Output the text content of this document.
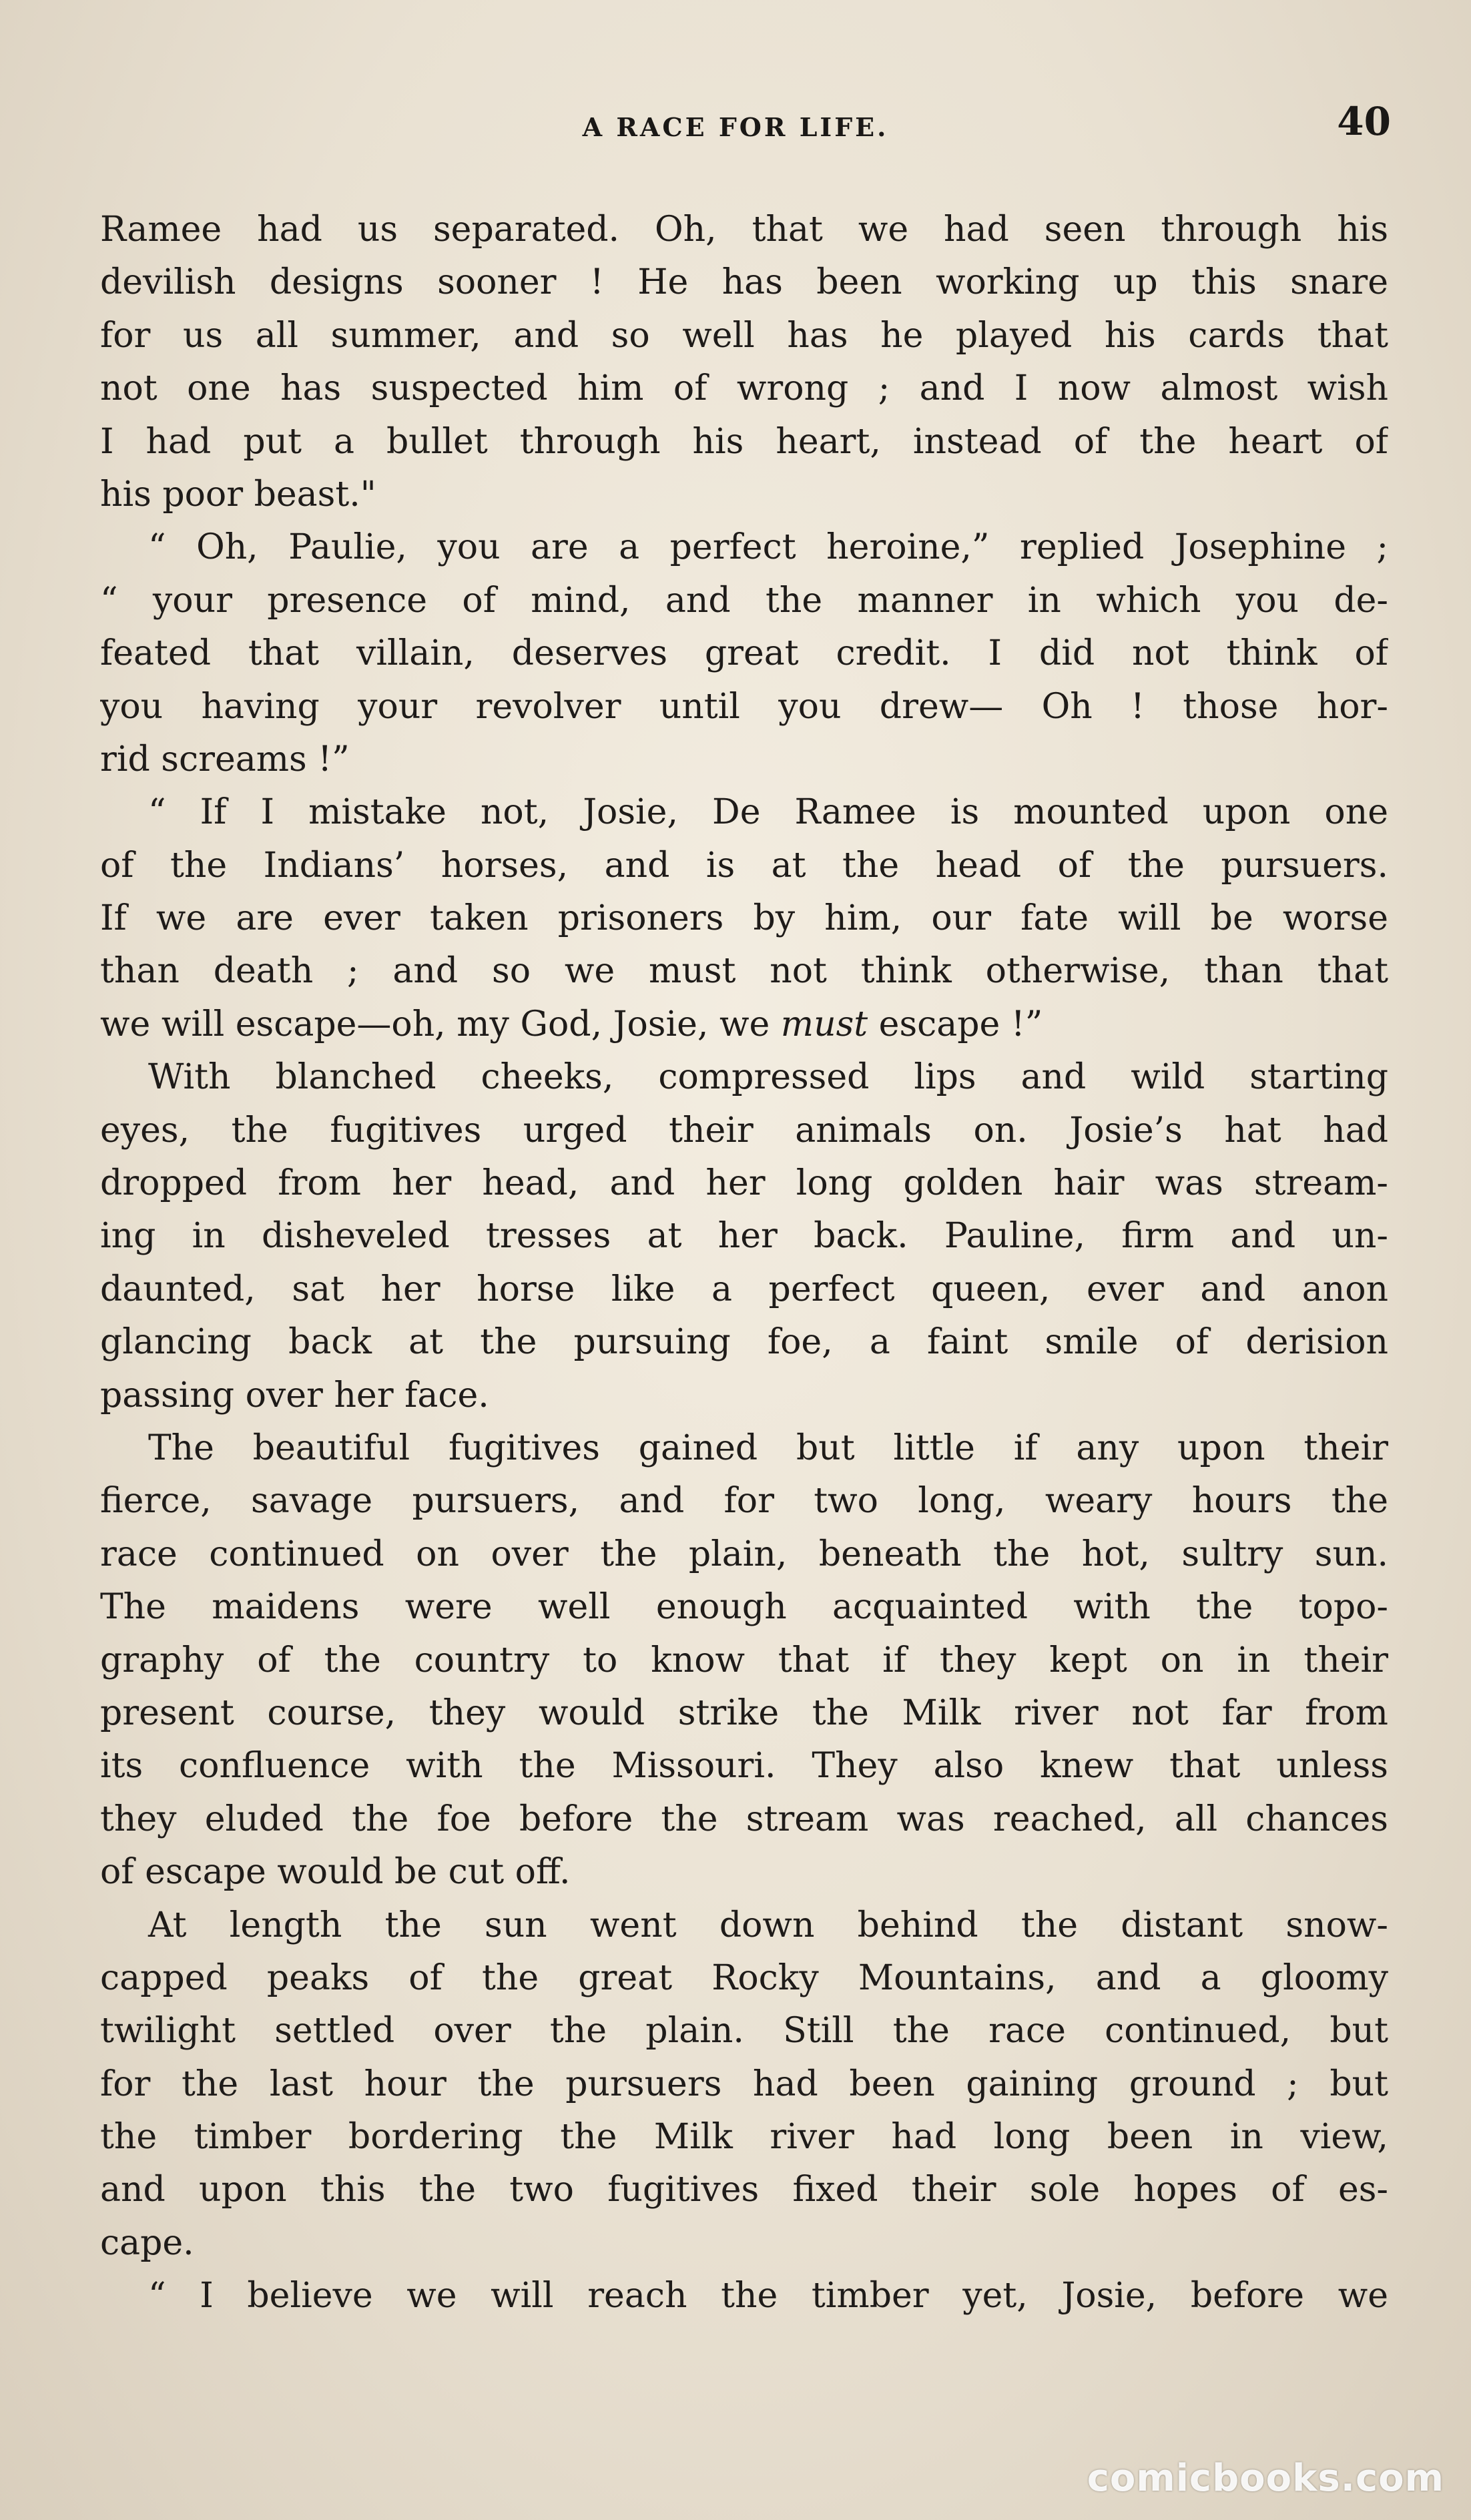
A RACE FOR LIFE.	40
Ramee had us separated. Oh, that we had seen through his
devilish designs sooner ! He has been working up this snare
for us all summer, and so well has he played his cards that
not one has suspected him of wrong ; and I now almost wish
I had put a bullet through his heart, instead of the heart of
his poor beast."
“ Oh, Paulie, you are a perfect heroine,” replied Josephine ;
“ your presence of mind, and the manner in which you de-
feated that villain, deserves great credit. I did not think of
you having your revolver until you drew— Oh ! those hor-
rid screams !”
“ If I mistake not, Josie, De Ramee is mounted upon one
of the Indians’ horses, and is at the head of the pursuers.
If we are ever taken prisoners by him, our fate will be worse
than death ; and so we must not think otherwise, than that
we will escape—oh, my God, Josie, we must escape !”
With blanched cheeks, compressed lips and wild starting
eyes, the fugitives urged their animals on. Josie’s hat had
dropped from her head, and her long golden hair was stream-
ing in disheveled tresses at her back. Pauline, firm and un-
daunted, sat her horse like a perfect queen, ever and anon
glancing back at the pursuing foe, a faint smile of derision
passing over her face.
The beautiful fugitives gained but little if any upon their
fierce, savage pursuers, and for two long, weary hours the
race continued on over the plain, beneath the hot, sultry sun.
The maidens were well enough acquainted with the topo-
graphy of the country to know that if they kept on in their
present course, they would strike the Milk river not far from
its confluence with the Missouri. They also knew that unless
they eluded the foe before the stream was reached, all chances
of escape would be cut off.
At length the sun went down behind the distant snow-
capped peaks of the great Rocky Mountains, and a gloomy
twilight settled over the plain. Still the race continued, but
for the last hour the pursuers had been gaining ground ; but
the timber bordering the Milk river had long been in view,
and upon this the two fugitives fixed their sole hopes of es-
cape.
“ I believe we will reach the timber yet, Josie, before we
comicbooks.com
